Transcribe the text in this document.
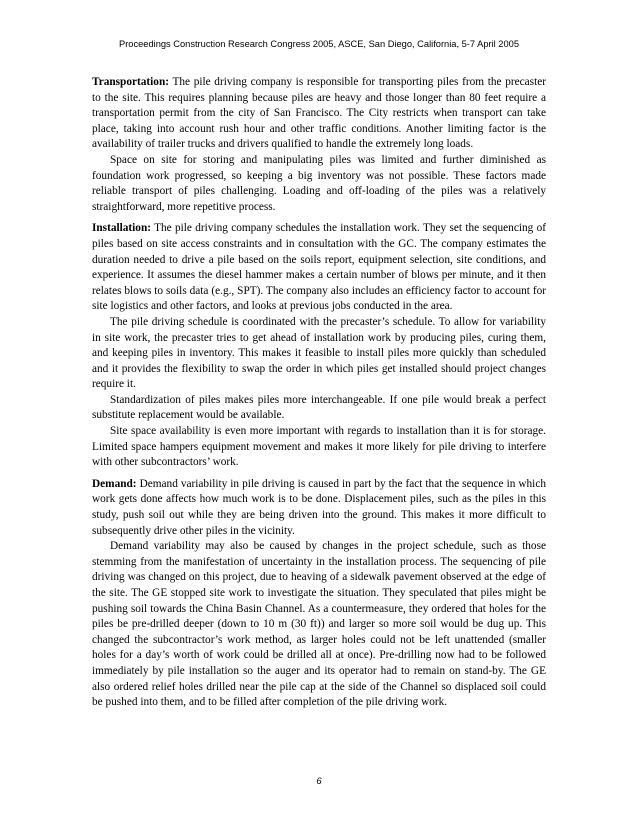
Proceedings Construction Research Congress 2005, ASCE, San Diego, California, 5-7 April 2005

Transportation: The pile driving company is responsible for transporting piles from the precaster to the site. This requires planning because piles are heavy and those longer than 80 feet require a transportation permit from the city of San Francisco. The City restricts when transport can take place, taking into account rush hour and other traffic conditions. Another limiting factor is the availability of trailer trucks and drivers qualified to handle the extremely long loads.

Space on site for storing and manipulating piles was limited and further diminished as foundation work progressed, so keeping a big inventory was not possible. These factors made reliable transport of piles challenging. Loading and off-loading of the piles was a relatively straightforward, more repetitive process.

Installation: The pile driving company schedules the installation work. They set the sequencing of piles based on site access constraints and in consultation with the GC. The company estimates the duration needed to drive a pile based on the soils report, equipment selection, site conditions, and experience. It assumes the diesel hammer makes a certain number of blows per minute, and it then relates blows to soils data (e.g., SPT). The company also includes an efficiency factor to account for site logistics and other factors, and looks at previous jobs conducted in the area.

The pile driving schedule is coordinated with the precaster’s schedule. To allow for variability in site work, the precaster tries to get ahead of installation work by producing piles, curing them, and keeping piles in inventory. This makes it feasible to install piles more quickly than scheduled and it provides the flexibility to swap the order in which piles get installed should project changes require it.

Standardization of piles makes piles more interchangeable. If one pile would break a perfect substitute replacement would be available.

Site space availability is even more important with regards to installation than it is for storage. Limited space hampers equipment movement and makes it more likely for pile driving to interfere with other subcontractors’ work.

Demand: Demand variability in pile driving is caused in part by the fact that the sequence in which work gets done affects how much work is to be done. Displacement piles, such as the piles in this study, push soil out while they are being driven into the ground. This makes it more difficult to subsequently drive other piles in the vicinity.

Demand variability may also be caused by changes in the project schedule, such as those stemming from the manifestation of uncertainty in the installation process. The sequencing of pile driving was changed on this project, due to heaving of a sidewalk pavement observed at the edge of the site. The GE stopped site work to investigate the situation. They speculated that piles might be pushing soil towards the China Basin Channel. As a countermeasure, they ordered that holes for the piles be pre-drilled deeper (down to 10 m (30 ft)) and larger so more soil would be dug up. This changed the subcontractor’s work method, as larger holes could not be left unattended (smaller holes for a day’s worth of work could be drilled all at once). Pre-drilling now had to be followed immediately by pile installation so the auger and its operator had to remain on stand-by. The GE also ordered relief holes drilled near the pile cap at the side of the Channel so displaced soil could be pushed into them, and to be filled after completion of the pile driving work.

6
